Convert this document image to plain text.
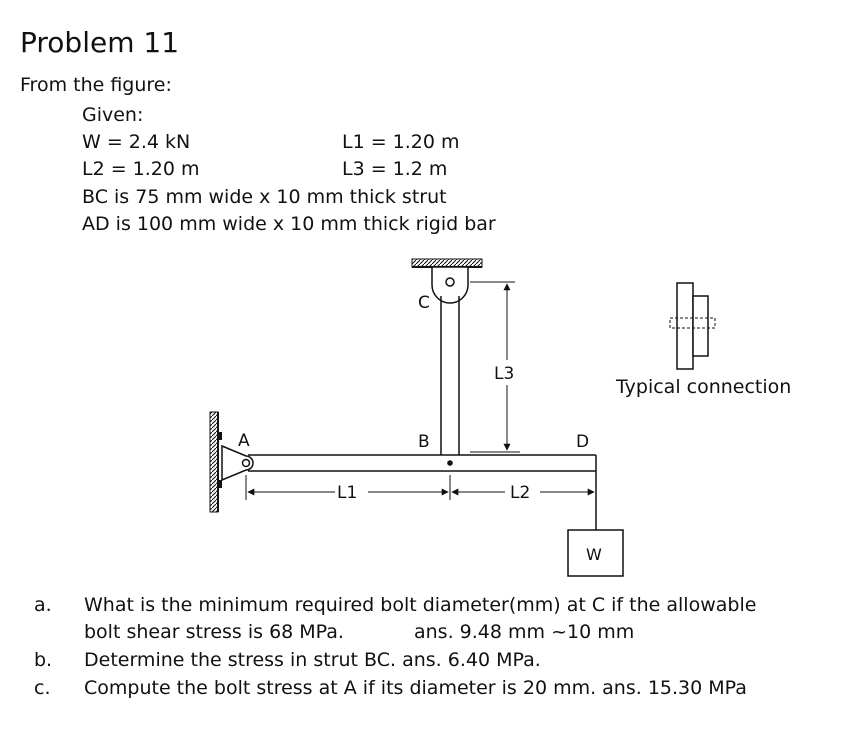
Problem 11
From the figure:
Given:
W = 2.4 kN	L1 = 1.20 m
L2 = 1.20 m	L3 = 1.2 m
BC is 75 mm wide x 10 mm thick strut
AD is 100 mm wide x 10 mm thick rigid bar
C
L3
A	B	D
L1	L2
W
Typical connection
a. What is the minimum required bolt diameter(mm) at C if the allowable
bolt shear stress is 68 MPa.	ans. 9.48 mm ~10 mm
b. Determine the stress in strut BC. ans. 6.40 MPa.
c. Compute the bolt stress at A if its diameter is 20 mm. ans. 15.30 MPa
